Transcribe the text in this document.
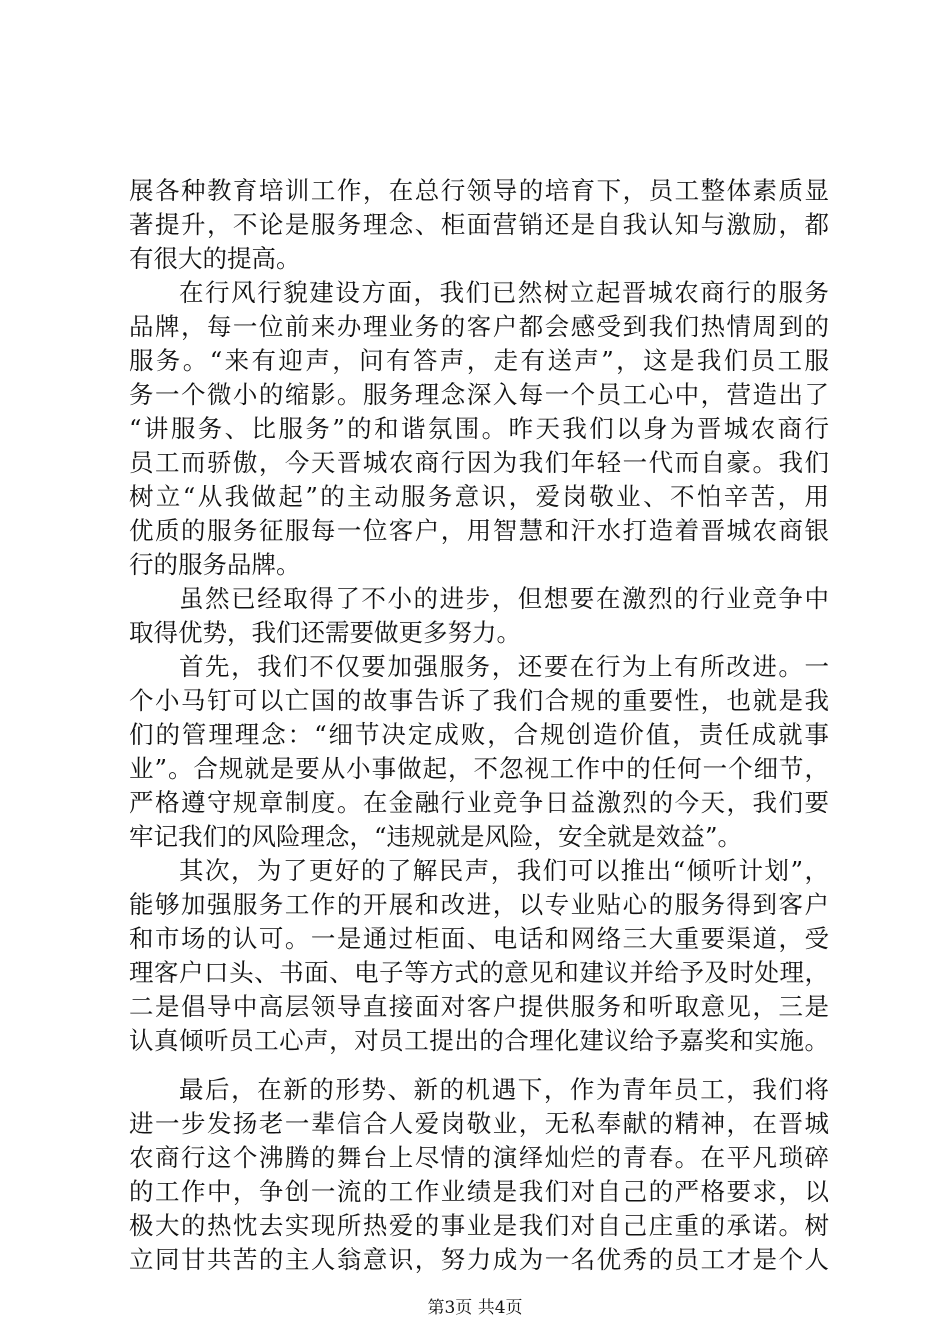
展各种教育培训工作，在总行领导的培育下，员工整体素质显
著提升，不论是服务理念、柜面营销还是自我认知与激励，都
有很大的提高。
在行风行貌建设方面，我们已然树立起晋城农商行的服务
品牌，每一位前来办理业务的客户都会感受到我们热情周到的
服务。“来有迎声，问有答声，走有送声”，这是我们员工服
务一个微小的缩影。服务理念深入每一个员工心中，营造出了
“讲服务、比服务”的和谐氛围。昨天我们以身为晋城农商行
员工而骄傲，今天晋城农商行因为我们年轻一代而自豪。我们
树立“从我做起”的主动服务意识，爱岗敬业、不怕辛苦，用
优质的服务征服每一位客户，用智慧和汗水打造着晋城农商银
行的服务品牌。
虽然已经取得了不小的进步，但想要在激烈的行业竞争中
取得优势，我们还需要做更多努力。
首先，我们不仅要加强服务，还要在行为上有所改进。一
个小马钉可以亡国的故事告诉了我们合规的重要性，也就是我
们的管理理念：“细节决定成败，合规创造价值，责任成就事
业”。合规就是要从小事做起，不忽视工作中的任何一个细节，
严格遵守规章制度。在金融行业竞争日益激烈的今天，我们要
牢记我们的风险理念，“违规就是风险，安全就是效益”。
其次，为了更好的了解民声，我们可以推出“倾听计划”，
能够加强服务工作的开展和改进，以专业贴心的服务得到客户
和市场的认可。一是通过柜面、电话和网络三大重要渠道，受
理客户口头、书面、电子等方式的意见和建议并给予及时处理，
二是倡导中高层领导直接面对客户提供服务和听取意见，三是
认真倾听员工心声，对员工提出的合理化建议给予嘉奖和实施。
最后，在新的形势、新的机遇下，作为青年员工，我们将
进一步发扬老一辈信合人爱岗敬业，无私奉献的精神，在晋城
农商行这个沸腾的舞台上尽情的演绎灿烂的青春。在平凡琐碎
的工作中，争创一流的工作业绩是我们对自己的严格要求，以
极大的热忱去实现所热爱的事业是我们对自己庄重的承诺。树
立同甘共苦的主人翁意识，努力成为一名优秀的员工才是个人
第3页 共4页
